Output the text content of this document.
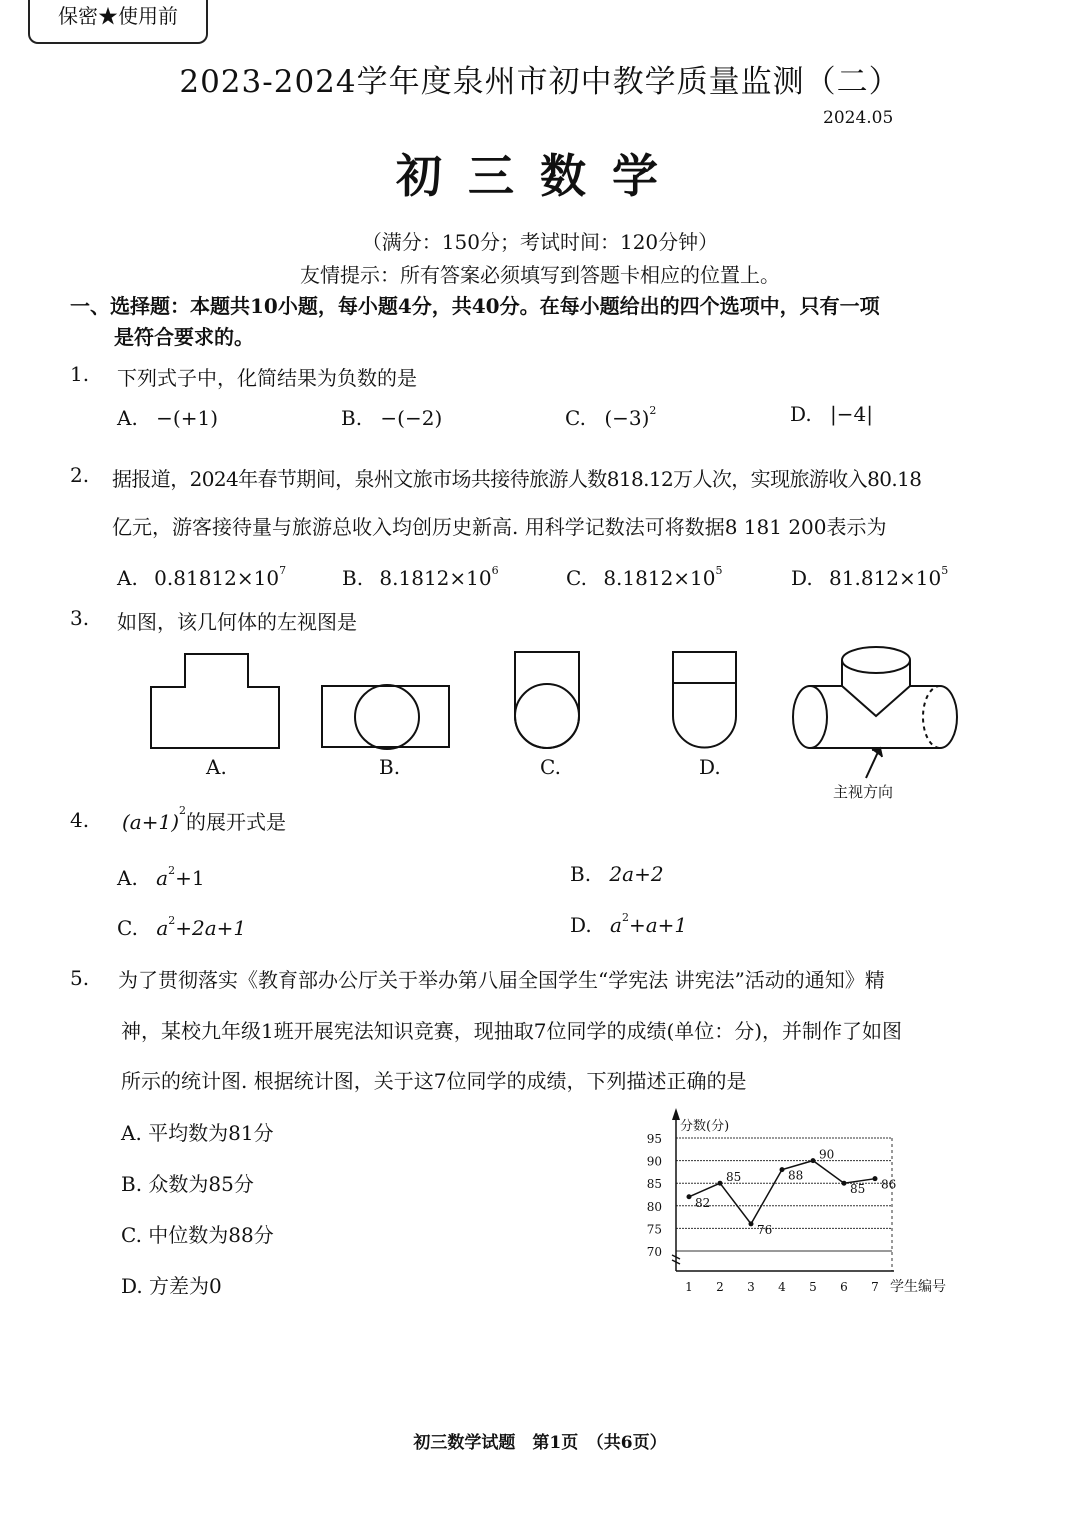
保密★使用前
2023-2024学年度泉州市初中教学质量监测（二）
2024.05
初三数学
（满分：150分；考试时间：120分钟）
友情提示：所有答案必须填写到答题卡相应的位置上。
一、选择题：本题共10小题，每小题4分，共40分。在每小题给出的四个选项中，只有一项
是符合要求的。
1. 下列式子中，化简结果为负数的是
A. −(+1)	B. −(−2)	C. $(-3)^2$	D. |−4|
2. 据报道，2024年春节期间，泉州文旅市场共接待旅游人数818.12万人次，实现旅游收入80.18
亿元，游客接待量与旅游总收入均创历史新高. 用科学记数法可将数据8 181 200表示为
A. $0.81812\times 10^7$	B. $8.1812\times 10^6$	C. $8.1812\times 10^5$	D. $81.812\times 10^5$
3. 如图，该几何体的左视图是
A.	B.	C.	D.
主视方向
4. $(a+1)^2$的展开式是
A. $a^2+1$	B. 2a+2
C. $a^2+2a+1$	D. $a^2+a+1$
5. 为了贯彻落实《教育部办公厅关于举办第八届全国学生“学宪法 讲宪法”活动的通知》精
神，某校九年级1班开展宪法知识竞赛，现抽取7位同学的成绩(单位：分)，并制作了如图
所示的统计图. 根据统计图，关于这7位同学的成绩，下列描述正确的是
A. 平均数为81分
B. 众数为85分
C. 中位数为88分
D. 方差为0
70
75
80
85
90
95
分数(分)
1 2 3 4 5 6 7 学生编号
82
85
76
88
90
85 86
初三数学试题　第1页　（共6页）
